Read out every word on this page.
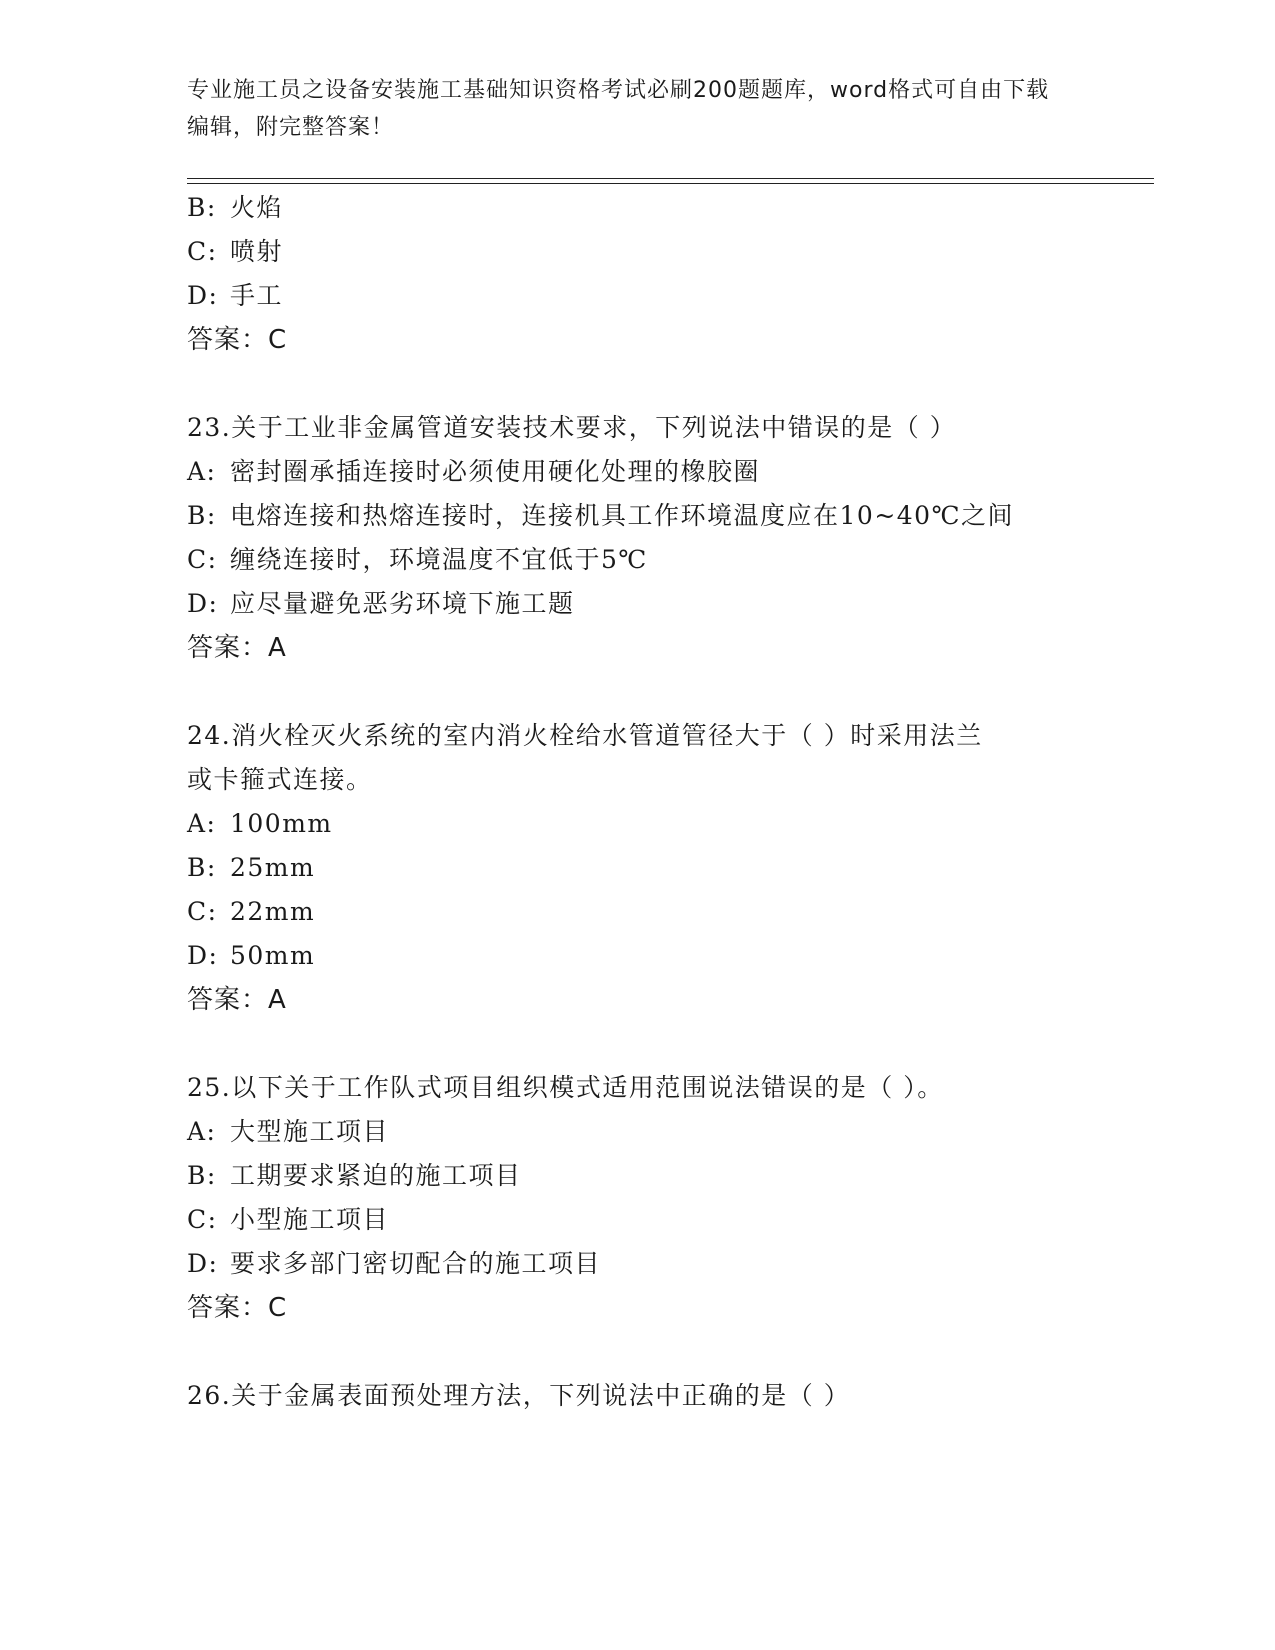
专业施工员之设备安装施工基础知识资格考试必刷200题题库，word格式可自由下载编辑，附完整答案！
B: 火焰
C: 喷射
D: 手工
答案：C
23.关于工业非金属管道安装技术要求，下列说法中错误的是（ ）
A: 密封圈承插连接时必须使用硬化处理的橡胶圈
B: 电熔连接和热熔连接时，连接机具工作环境温度应在10~40℃之间
C: 缠绕连接时，环境温度不宜低于5℃
D: 应尽量避免恶劣环境下施工题
答案：A
24.消火栓灭火系统的室内消火栓给水管道管径大于（ ）时采用法兰
或卡箍式连接。
A: 100mm
B: 25mm
C: 22mm
D: 50mm
答案：A
25.以下关于工作队式项目组织模式适用范围说法错误的是（ ）。
A: 大型施工项目
B: 工期要求紧迫的施工项目
C: 小型施工项目
D: 要求多部门密切配合的施工项目
答案：C
26.关于金属表面预处理方法，下列说法中正确的是（ ）
